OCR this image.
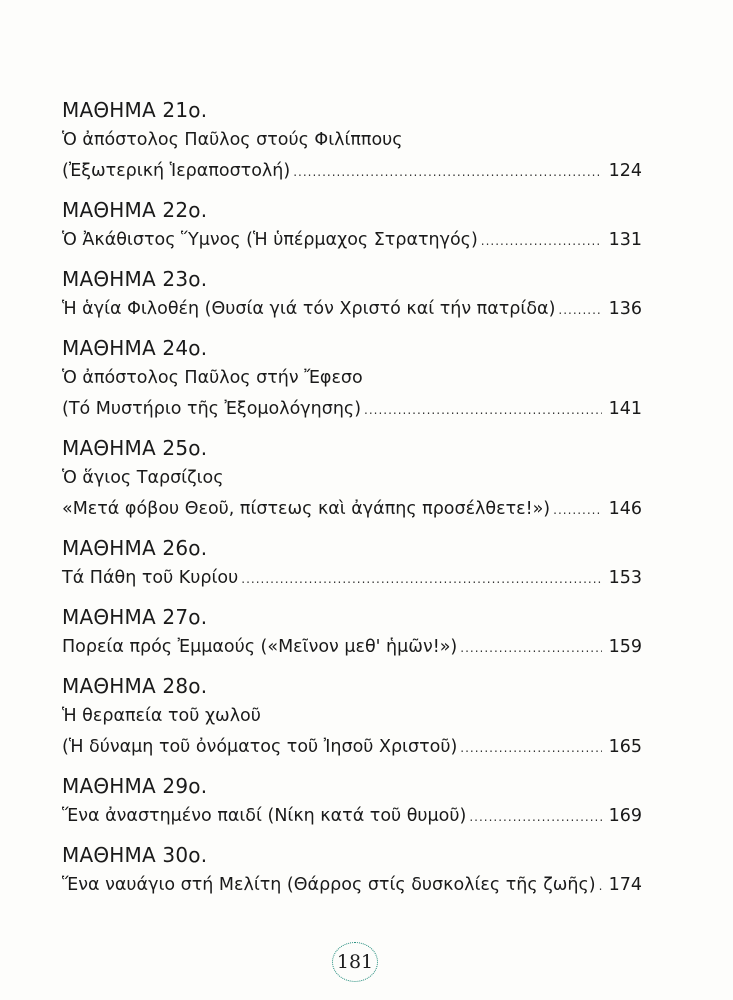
ΜΑΘΗΜΑ 21ο.
Ὁ ἀπόστολος Παῦλος στούς Φιλίππους
(Ἐξωτερική Ἱεραποστολή) .....	124
ΜΑΘΗΜΑ 22ο.
Ὁ Ἀκάθιστος Ὕμνος (Ἡ ὑπέρμαχος Στρατηγός) .....	131
ΜΑΘΗΜΑ 23ο.
Ἡ ἁγία Φιλοθέη (Θυσία γιά τόν Χριστό καί τήν πατρίδα) .....	136
ΜΑΘΗΜΑ 24ο.
Ὁ ἀπόστολος Παῦλος στήν Ἔφεσο
(Τό Μυστήριο τῆς Ἐξομολόγησης) .....	141
ΜΑΘΗΜΑ 25ο.
Ὁ ἅγιος Ταρσίζιος
«Μετά φόβου Θεοῦ, πίστεως καὶ ἀγάπης προσέλθετε!») .....	146
ΜΑΘΗΜΑ 26ο.
Τά Πάθη τοῦ Κυρίου .....	153
ΜΑΘΗΜΑ 27ο.
Πορεία πρός Ἐμμαούς («Μεῖνον μεθ' ἡμῶν!») .....	159
ΜΑΘΗΜΑ 28ο.
Ἡ θεραπεία τοῦ χωλοῦ
(Ἡ δύναμη τοῦ ὀνόματος τοῦ Ἰησοῦ Χριστοῦ) .....	165
ΜΑΘΗΜΑ 29ο.
Ἕνα ἀναστημένο παιδί (Νίκη κατά τοῦ θυμοῦ) .....	169
ΜΑΘΗΜΑ 30ο.
Ἕνα ναυάγιο στή Μελίτη (Θάρρος στίς δυσκολίες τῆς ζωῆς) ..... 174
181
